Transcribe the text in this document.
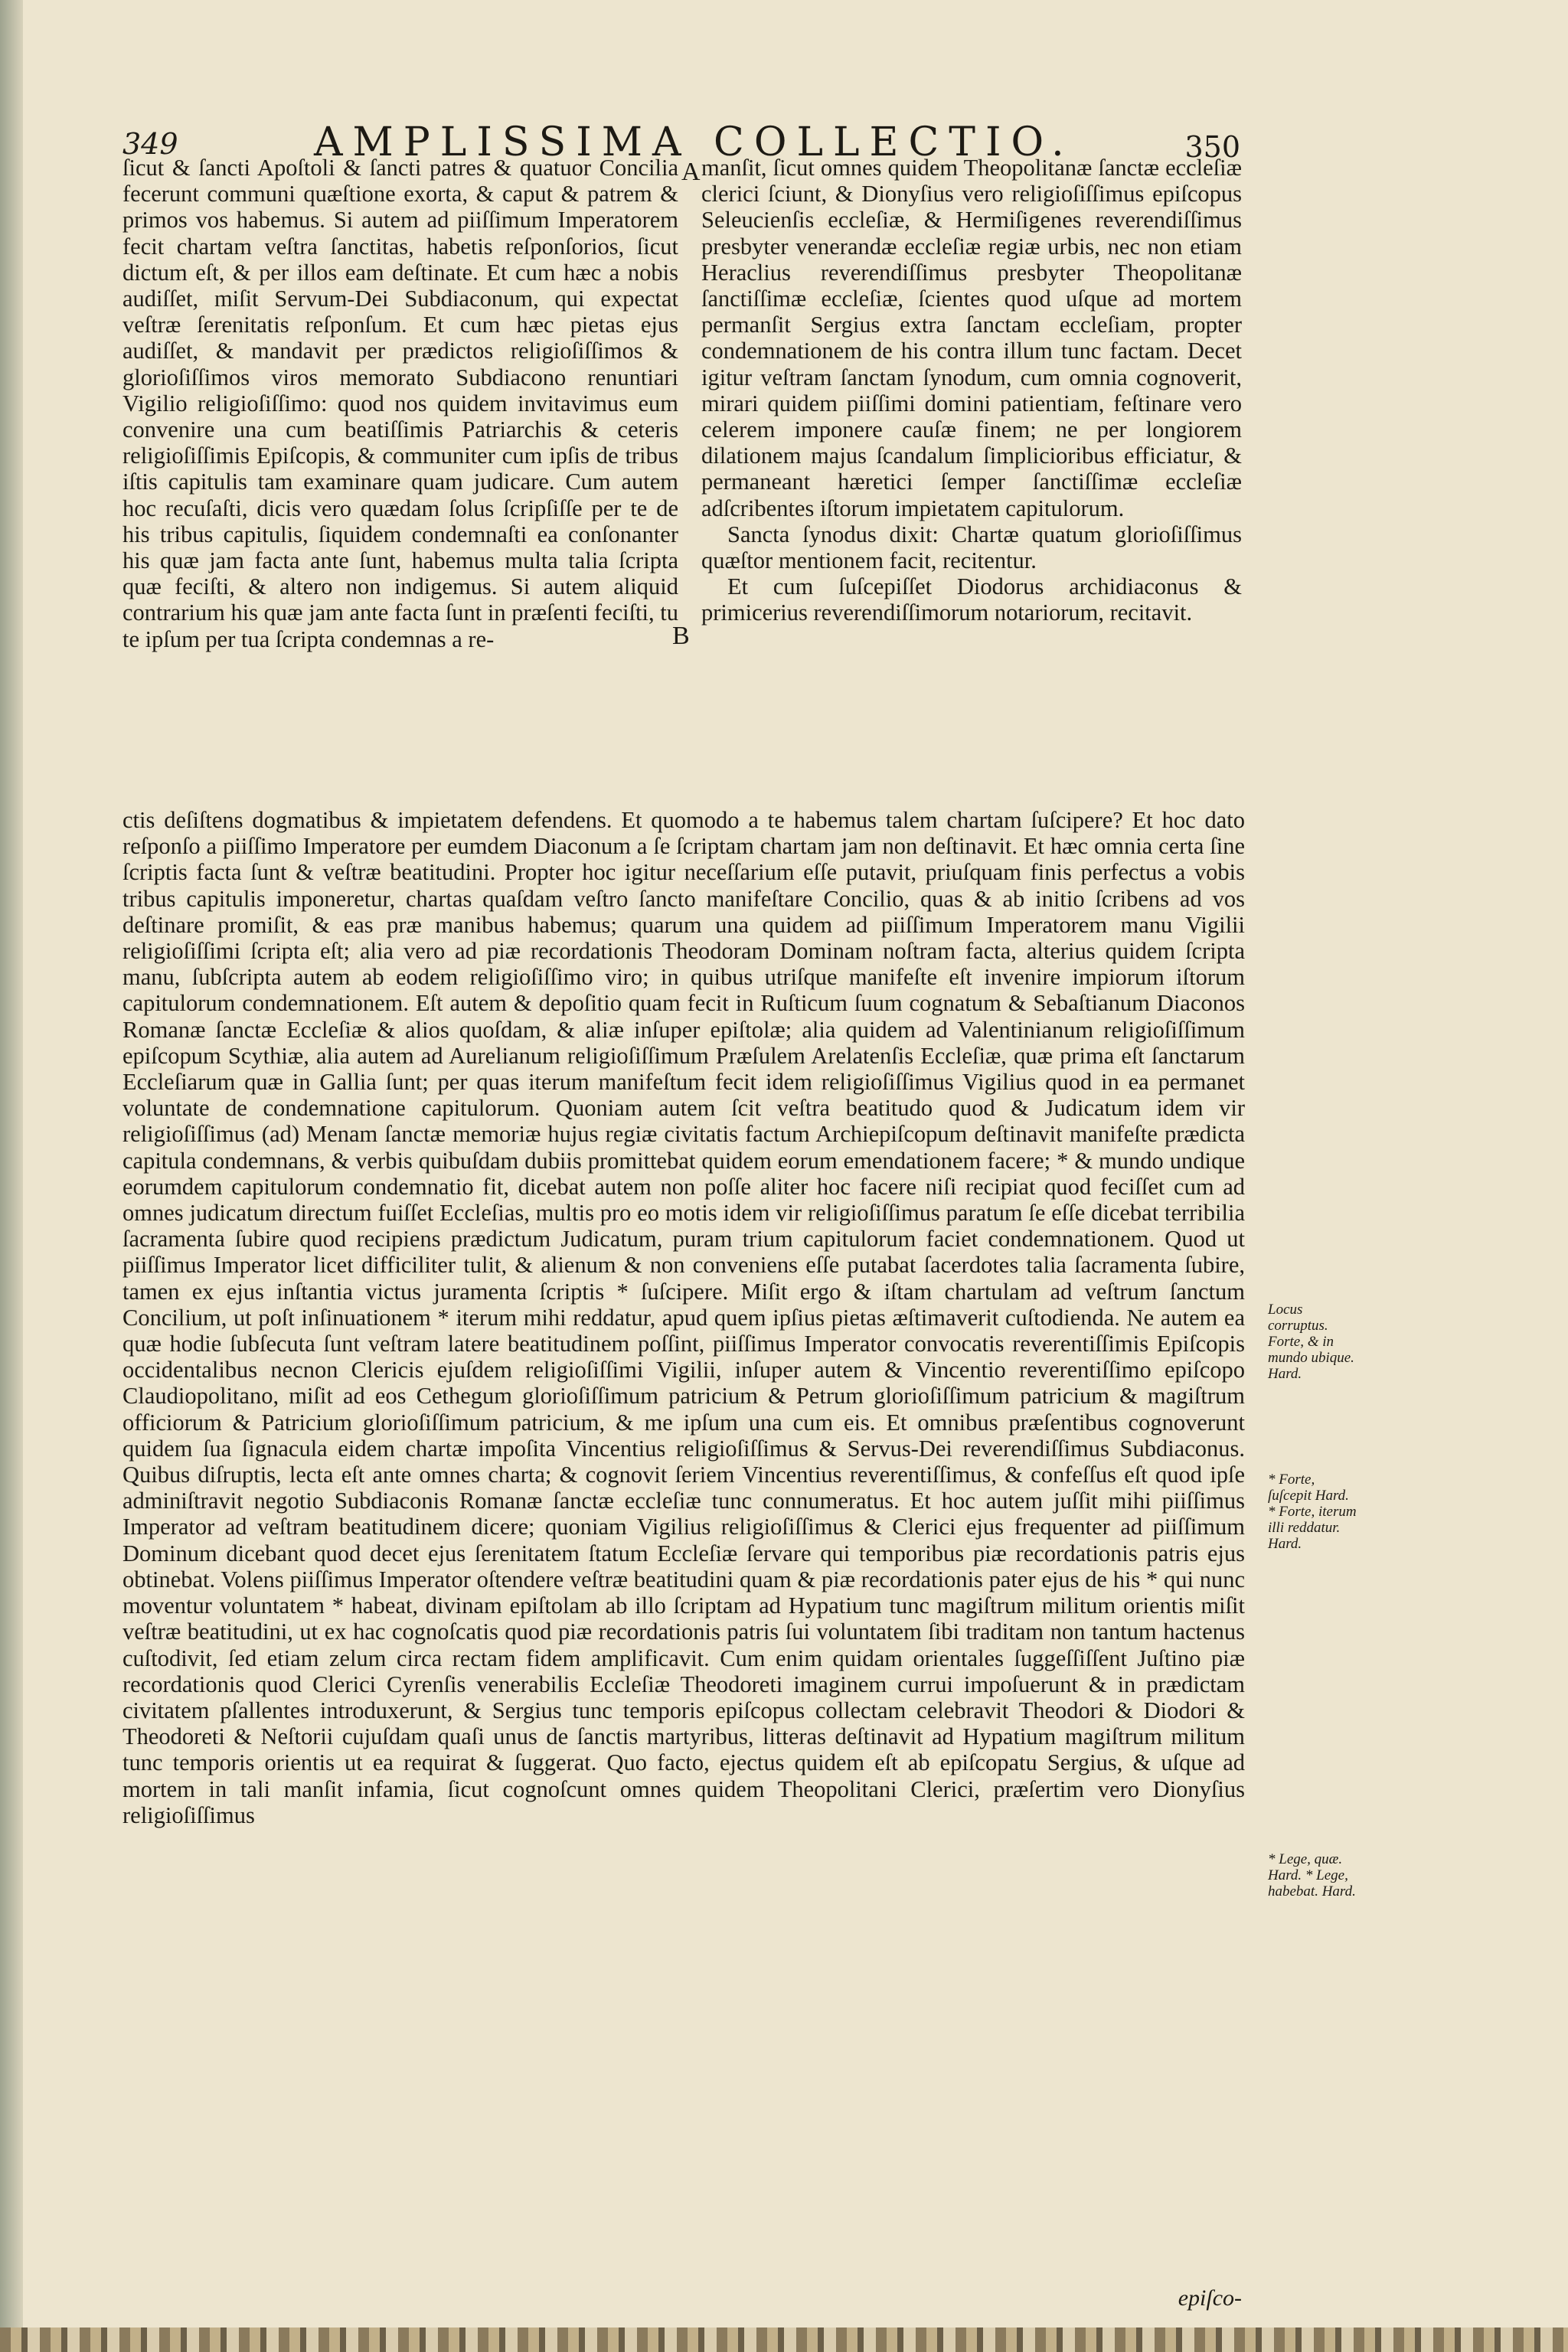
349	AMPLISSIMA COLLECTIO.	350
A
B

ſicut & ſancti Apoſtoli & ſancti patres & quatuor Concilia fecerunt communi quæſtione exorta, & caput & patrem & primos vos habemus. Si autem ad piiſſimum Imperatorem fecit chartam veſtra ſanctitas, habetis reſponſorios, ſicut dictum eſt, & per illos eam deſtinate. Et cum hæc a nobis audiſſet, miſit Servum-Dei Subdiaconum, qui expectat veſtræ ſerenitatis reſponſum. Et cum hæc pietas ejus audiſſet, & mandavit per prædictos religioſiſſimos & glorioſiſſimos viros memorato Subdiacono renuntiari Vigilio religioſiſſimo: quod nos quidem invitavimus eum convenire una cum beatiſſimis Patriarchis & ceteris religioſiſſimis Epiſcopis, & communiter cum ipſis de tribus iſtis capitulis tam examinare quam judicare. Cum autem hoc recuſaſti, dicis vero quædam ſolus ſcripſiſſe per te de his tribus capitulis, ſiquidem condemnaſti ea conſonanter his quæ jam facta ante ſunt, habemus multa talia ſcripta quæ feciſti, & altero non indigemus. Si autem aliquid contrarium his quæ jam ante facta ſunt in præſenti feciſti, tu te ipſum per tua ſcripta condemnas a re-

manſit, ſicut omnes quidem Theopolitanæ ſanctæ eccleſiæ clerici ſciunt, & Dionyſius vero religioſiſſimus epiſcopus Seleucienſis eccleſiæ, & Hermiſigenes reverendiſſimus presbyter venerandæ eccleſiæ regiæ urbis, nec non etiam Heraclius reverendiſſimus presbyter Theopolitanæ ſanctiſſimæ eccleſiæ, ſcientes quod uſque ad mortem permanſit Sergius extra ſanctam eccleſiam, propter condemnationem de his contra illum tunc factam. Decet igitur veſtram ſanctam ſynodum, cum omnia cognoverit, mirari quidem piiſſimi domini patientiam, feſtinare vero celerem imponere cauſæ finem; ne per longiorem dilationem majus ſcandalum ſimplicioribus efficiatur, & permaneant hæretici ſemper ſanctiſſimæ eccleſiæ adſcribentes iſtorum impietatem capitulorum.

Sancta ſynodus dixit: Chartæ quatum glorioſiſſimus quæſtor mentionem facit, recitentur.

Et cum ſuſcepiſſet Diodorus archidiaconus & primicerius reverendiſſimorum notariorum, recitavit.

ctis deſiſtens dogmatibus & impietatem defendens. Et quomodo a te habemus talem chartam ſuſcipere? Et hoc dato reſponſo a piiſſimo Imperatore per eumdem Diaconum a ſe ſcriptam chartam jam non deſtinavit. Et hæc omnia certa ſine ſcriptis facta ſunt & veſtræ beatitudini. Propter hoc igitur neceſſarium eſſe putavit, priuſquam finis perfectus a vobis tribus capitulis imponeretur, chartas quaſdam veſtro ſancto manifeſtare Concilio, quas & ab initio ſcribens ad vos deſtinare promiſit, & eas præ manibus habemus; quarum una quidem ad piiſſimum Imperatorem manu Vigilii religioſiſſimi ſcripta eſt; alia vero ad piæ recordationis Theodoram Dominam noſtram facta, alterius quidem ſcripta manu, ſubſcripta autem ab eodem religioſiſſimo viro; in quibus utriſque manifeſte eſt invenire impiorum iſtorum capitulorum condemnationem. Eſt autem & depoſitio quam fecit in Ruſticum ſuum cognatum & Sebaſtianum Diaconos Romanæ ſanctæ Eccleſiæ & alios quoſdam, & aliæ inſuper epiſtolæ; alia quidem ad Valentinianum religioſiſſimum epiſcopum Scythiæ, alia autem ad Aurelianum religioſiſſimum Præſulem Arelatenſis Eccleſiæ, quæ prima eſt ſanctarum Eccleſiarum quæ in Gallia ſunt; per quas iterum manifeſtum fecit idem religioſiſſimus Vigilius quod in ea permanet voluntate de condemnatione capitulorum. Quoniam autem ſcit veſtra beatitudo quod & Judicatum idem vir religioſiſſimus (ad) Menam ſanctæ memoriæ hujus regiæ civitatis factum Archiepiſcopum deſtinavit manifeſte prædicta capitula condemnans, & verbis quibuſdam dubiis promittebat quidem eorum emendationem facere; * & mundo undique eorumdem capitulorum condemnatio fit, dicebat autem non poſſe aliter hoc facere niſi recipiat quod feciſſet cum ad omnes judicatum directum fuiſſet Eccleſias, multis pro eo motis idem vir religioſiſſimus paratum ſe eſſe dicebat terribilia ſacramenta ſubire quod recipiens prædictum Judicatum, puram trium capitulorum faciet condemnationem. Quod ut piiſſimus Imperator licet difficiliter tulit, & alienum & non conveniens eſſe putabat ſacerdotes talia ſacramenta ſubire, tamen ex ejus inſtantia victus juramenta ſcriptis * ſuſcipere. Miſit ergo & iſtam chartulam ad veſtrum ſanctum Concilium, ut poſt inſinuationem * iterum mihi reddatur, apud quem ipſius pietas æſtimaverit cuſtodienda. Ne autem ea quæ hodie ſubſecuta ſunt veſtram latere beatitudinem poſſint, piiſſimus Imperator convocatis reverentiſſimis Epiſcopis occidentalibus necnon Clericis ejuſdem religioſiſſimi Vigilii, inſuper autem & Vincentio reverentiſſimo epiſcopo Claudiopolitano, miſit ad eos Cethegum glorioſiſſimum patricium & Petrum glorioſiſſimum patricium & magiſtrum officiorum & Patricium glorioſiſſimum patricium, & me ipſum una cum eis. Et omnibus præſentibus cognoverunt quidem ſua ſignacula eidem chartæ impoſita Vincentius religioſiſſimus & Servus-Dei reverendiſſimus Subdiaconus. Quibus diſruptis, lecta eſt ante omnes charta; & cognovit ſeriem Vincentius reverentiſſimus, & confeſſus eſt quod ipſe adminiſtravit negotio Subdiaconis Romanæ ſanctæ eccleſiæ tunc connumeratus. Et hoc autem juſſit mihi piiſſimus Imperator ad veſtram beatitudinem dicere; quoniam Vigilius religioſiſſimus & Clerici ejus frequenter ad piiſſimum Dominum dicebant quod decet ejus ſerenitatem ſtatum Eccleſiæ ſervare qui temporibus piæ recordationis patris ejus obtinebat. Volens piiſſimus Imperator oſtendere veſtræ beatitudini quam & piæ recordationis pater ejus de his * qui nunc moventur voluntatem * habeat, divinam epiſtolam ab illo ſcriptam ad Hypatium tunc magiſtrum militum orientis miſit veſtræ beatitudini, ut ex hac cognoſcatis quod piæ recordationis patris ſui voluntatem ſibi traditam non tantum hactenus cuſtodivit, ſed etiam zelum circa rectam fidem amplificavit. Cum enim quidam orientales ſuggeſſiſſent Juſtino piæ recordationis quod Clerici Cyrenſis venerabilis Eccleſiæ Theodoreti imaginem currui impoſuerunt & in prædictam civitatem pſallentes introduxerunt, & Sergius tunc temporis epiſcopus collectam celebravit Theodori & Diodori & Theodoreti & Neſtorii cujuſdam quaſi unus de ſanctis martyribus, litteras deſtinavit ad Hypatium magiſtrum militum tunc temporis orientis ut ea requirat & ſuggerat. Quo facto, ejectus quidem eſt ab epiſcopatu Sergius, & uſque ad mortem in tali manſit infamia, ſicut cognoſcunt omnes quidem Theopolitani Clerici, præſertim vero Dionyſius religioſiſſimus

Locus corruptus. Forte, & in mundo ubique. Hard.
* Forte, ſuſcepit Hard. * Forte, iterum illi reddatur. Hard.
* Lege, quæ. Hard. * Lege, habebat. Hard.
epiſco-
